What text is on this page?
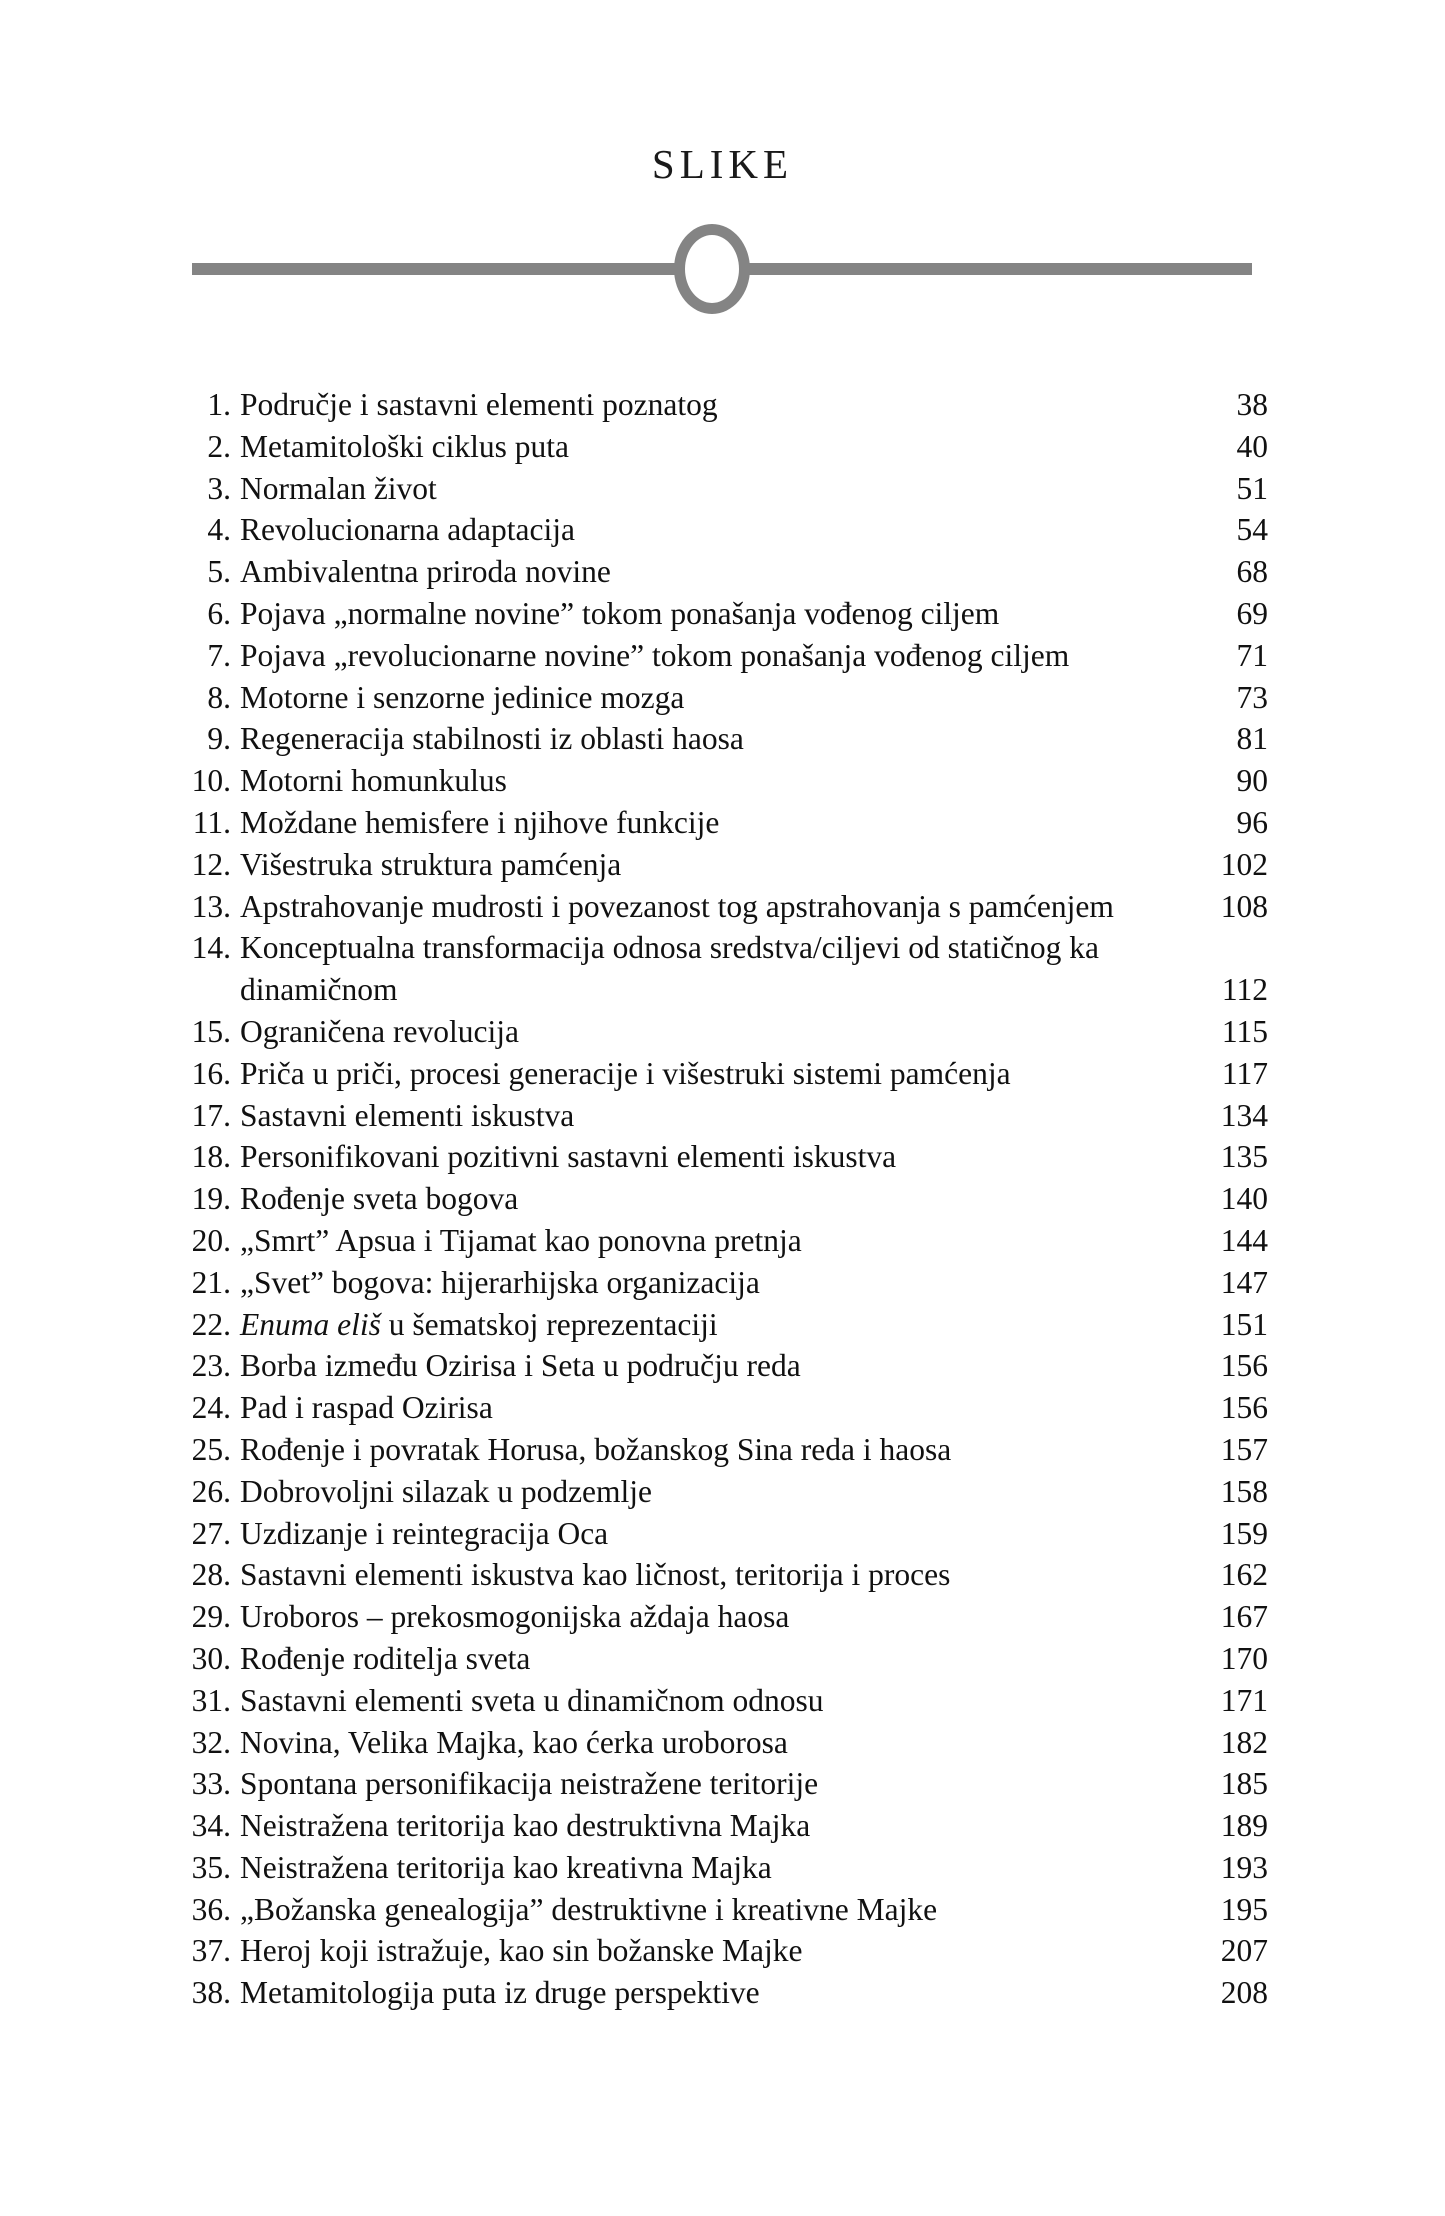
SLIKE
1. Područje i sastavni elementi poznatog	38
2. Metamitološki ciklus puta	40
3. Normalan život	51
4. Revolucionarna adaptacija	54
5. Ambivalentna priroda novine	68
6. Pojava „normalne novine” tokom ponašanja vođenog ciljem	69
7. Pojava „revolucionarne novine” tokom ponašanja vođenog ciljem	71
8. Motorne i senzorne jedinice mozga	73
9. Regeneracija stabilnosti iz oblasti haosa	81
10. Motorni homunkulus	90
11. Moždane hemisfere i njihove funkcije	96
12. Višestruka struktura pamćenja	102
13. Apstrahovanje mudrosti i povezanost tog apstrahovanja s pamćenjem	108
14. Konceptualna transformacija odnosa sredstva/ciljevi od statičnog ka dinamičnom	112
15. Ograničena revolucija	115
16. Priča u priči, procesi generacije i višestruki sistemi pamćenja	117
17. Sastavni elementi iskustva	134
18. Personifikovani pozitivni sastavni elementi iskustva	135
19. Rođenje sveta bogova	140
20. „Smrt” Apsua i Tijamat kao ponovna pretnja	144
21. „Svet” bogova: hijerarhijska organizacija	147
22. Enuma eliš u šematskoj reprezentaciji	151
23. Borba između Ozirisa i Seta u području reda	156
24. Pad i raspad Ozirisa	156
25. Rođenje i povratak Horusa, božanskog Sina reda i haosa	157
26. Dobrovoljni silazak u podzemlje	158
27. Uzdizanje i reintegracija Oca	159
28. Sastavni elementi iskustva kao ličnost, teritorija i proces	162
29. Uroboros – prekosmogonijska aždaja haosa	167
30. Rođenje roditelja sveta	170
31. Sastavni elementi sveta u dinamičnom odnosu	171
32. Novina, Velika Majka, kao ćerka uroborosa	182
33. Spontana personifikacija neistražene teritorije	185
34. Neistražena teritorija kao destruktivna Majka	189
35. Neistražena teritorija kao kreativna Majka	193
36. „Božanska genealogija” destruktivne i kreativne Majke	195
37. Heroj koji istražuje, kao sin božanske Majke	207
38. Metamitologija puta iz druge perspektive	208
